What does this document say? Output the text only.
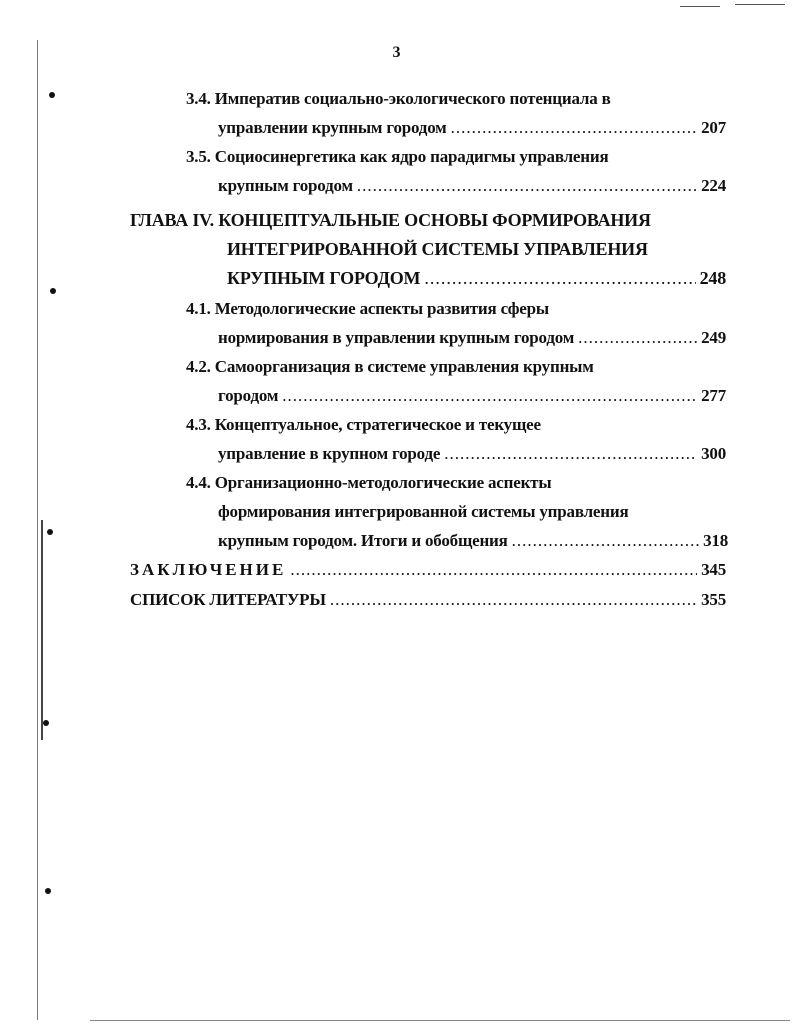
3
3.4. Императив социально-экологического потенциала в
управлении крупным городом .....	207
3.5. Социосинергетика как ядро парадигмы управления
крупным городом .....	224
ГЛАВА IV. КОНЦЕПТУАЛЬНЫЕ ОСНОВЫ ФОРМИРОВАНИЯ
ИНТЕГРИРОВАННОЙ СИСТЕМЫ УПРАВЛЕНИЯ
КРУПНЫМ ГОРОДОМ .....	248
4.1. Методологические аспекты развития сферы
нормирования в управлении крупным городом .....	249
4.2. Самоорганизация в системе управления крупным
городом .....	277
4.3. Концептуальное, стратегическое и текущее
управление в крупном городе .....	300
4.4. Организационно-методологические аспекты
формирования интегрированной системы управления
крупным городом. Итоги и обобщения .....	318
ЗАКЛЮЧЕНИЕ .....	345
СПИСОК ЛИТЕРАТУРЫ .....	355
